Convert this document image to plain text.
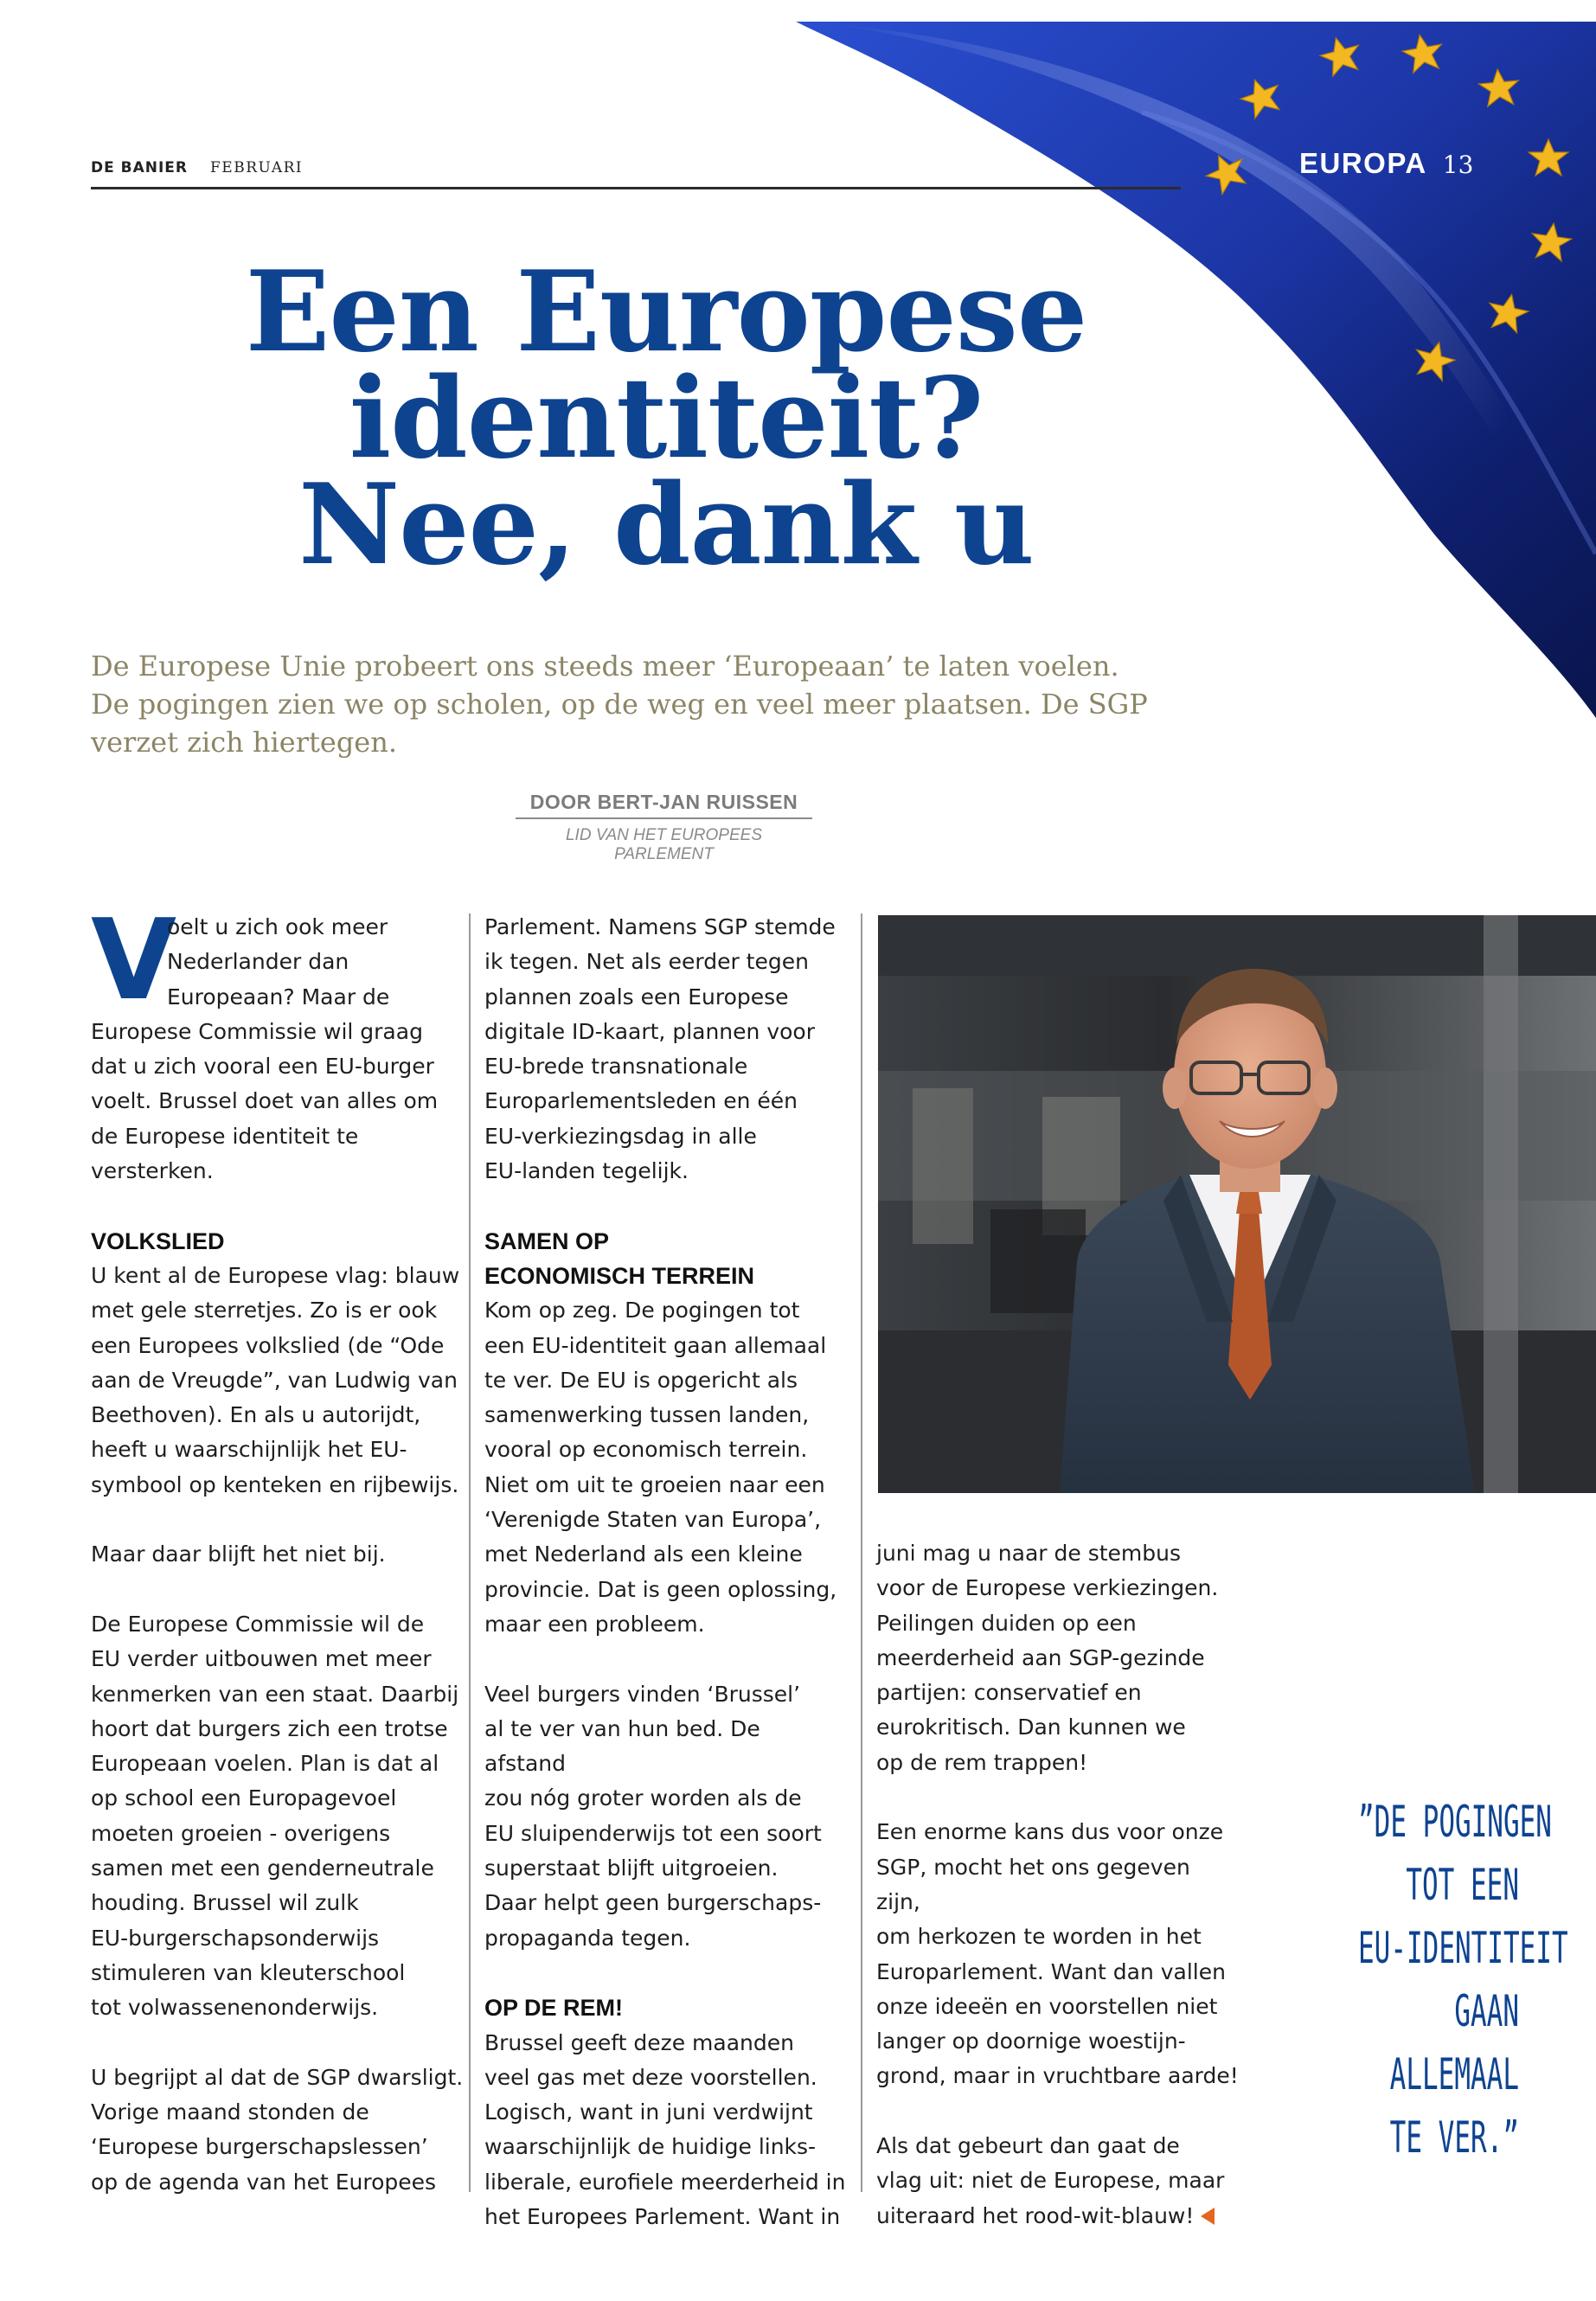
DE BANIER FEBRUARI	EUROPA 13
Een Europese
identiteit?
Nee, dank u

De Europese Unie probeert ons steeds meer ‘Europeaan’ te laten voelen.
De pogingen zien we op scholen, op de weg en veel meer plaatsen. De SGP
verzet zich hiertegen.

DOOR BERT-JAN RUISSEN
LID VAN HET EUROPEES PARLEMENT
V

oelt u zich ook meer
Nederlander dan
Europeaan? Maar de
Europese Commissie wil graag
dat u zich vooral een EU-burger
voelt. Brussel doet van alles om
de Europese identiteit te
versterken.

VOLKSLIED

U kent al de Europese vlag: blauw
met gele sterretjes. Zo is er ook
een Europees volkslied (de “Ode
aan de Vreugde”, van Ludwig van
Beethoven). En als u autorijdt,
heeft u waarschijnlijk het EU-
symbool op kenteken en rijbewijs.

Maar daar blijft het niet bij.

De Europese Commissie wil de
EU verder uitbouwen met meer
kenmerken van een staat. Daarbij
hoort dat burgers zich een trotse
Europeaan voelen. Plan is dat al
op school een Europagevoel
moeten groeien - overigens
samen met een genderneutrale
houding. Brussel wil zulk
EU-burgerschapsonderwijs
stimuleren van kleuterschool
tot volwassenenonderwijs.

U begrijpt al dat de SGP dwarsligt.
Vorige maand stonden de
‘Europese burgerschapslessen’
op de agenda van het Europees

Parlement. Namens SGP stemde
ik tegen. Net als eerder tegen
plannen zoals een Europese
digitale ID-kaart, plannen voor
EU-brede transnationale
Europarlementsleden en één
EU-verkiezingsdag in alle
EU-landen tegelijk.

SAMEN OP
ECONOMISCH TERREIN

Kom op zeg. De pogingen tot
een EU-identiteit gaan allemaal
te ver. De EU is opgericht als
samenwerking tussen landen,
vooral op economisch terrein.
Niet om uit te groeien naar een
‘Verenigde Staten van Europa’,
met Nederland als een kleine
provincie. Dat is geen oplossing,
maar een probleem.

Veel burgers vinden ‘Brussel’
al te ver van hun bed. De afstand
zou nóg groter worden als de
EU sluipenderwijs tot een soort
superstaat blijft uitgroeien.
Daar helpt geen burgerschaps-
propaganda tegen.

OP DE REM!

Brussel geeft deze maanden
veel gas met deze voorstellen.
Logisch, want in juni verdwijnt
waarschijnlijk de huidige links-
liberale, eurofiele meerderheid in
het Europees Parlement. Want in

juni mag u naar de stembus
voor de Europese verkiezingen.
Peilingen duiden op een
meerderheid aan SGP-gezinde
partijen: conservatief en
eurokritisch. Dan kunnen we
op de rem trappen!

Een enorme kans dus voor onze
SGP, mocht het ons gegeven zijn,
om herkozen te worden in het
Europarlement. Want dan vallen
onze ideeën en voorstellen niet
langer op doornige woestijn-
grond, maar in vruchtbare aarde!

Als dat gebeurt dan gaat de
vlag uit: niet de Europese, maar
uiteraard het rood-wit-blauw!

”DE POGINGEN
TOT EEN
EU-IDENTITEIT
GAAN
ALLEMAAL
TE VER.”
